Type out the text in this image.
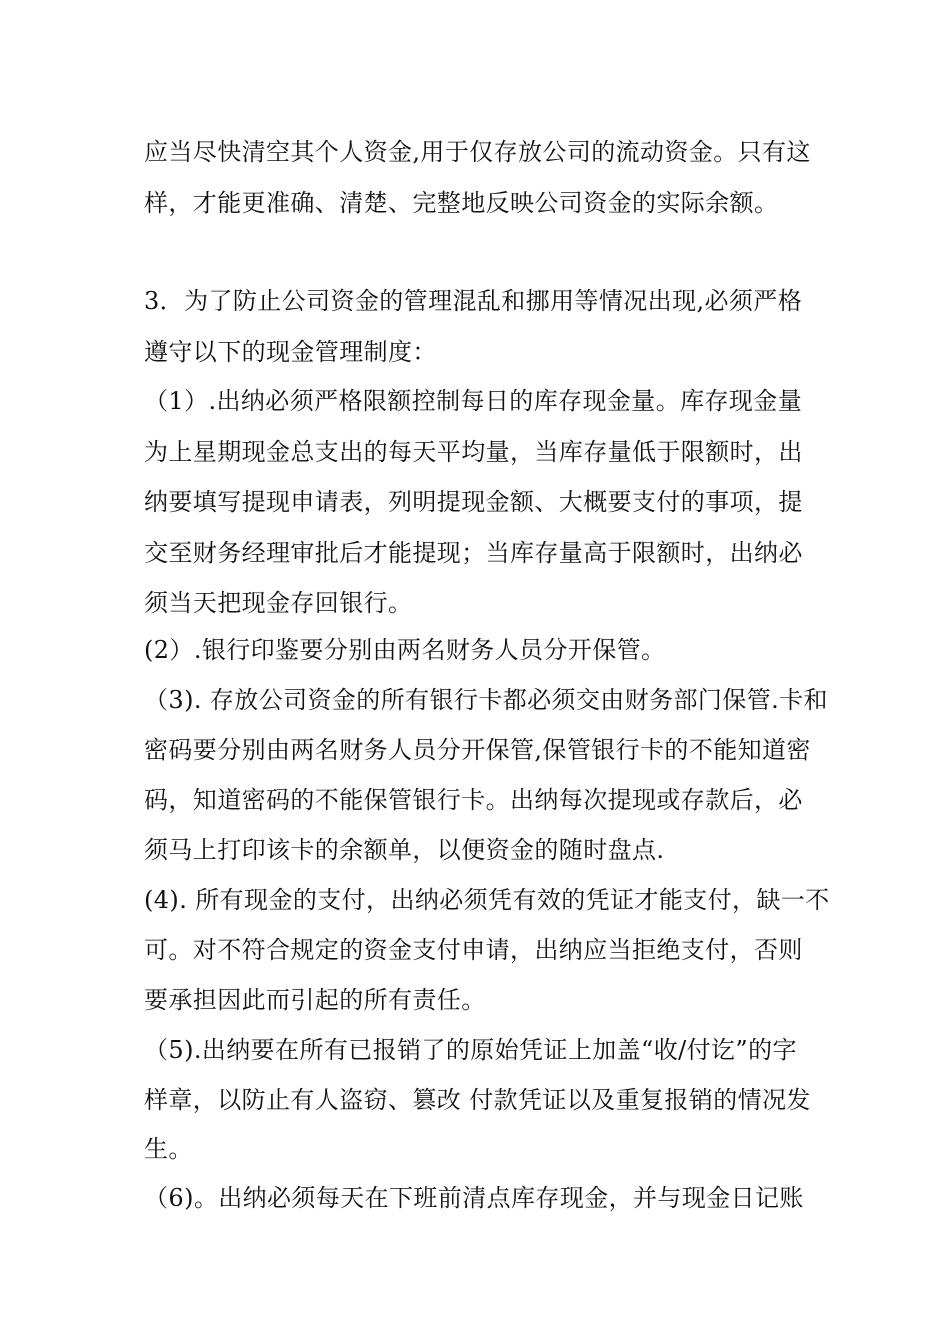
应当尽快清空其个人资金,用于仅存放公司的流动资金。只有这
样，才能更准确、清楚、完整地反映公司资金的实际余额。
3．为了防止公司资金的管理混乱和挪用等情况出现,必须严格
遵守以下的现金管理制度：
（1）.出纳必须严格限额控制每日的库存现金量。库存现金量
为上星期现金总支出的每天平均量，当库存量低于限额时，出
纳要填写提现申请表，列明提现金额、大概要支付的事项，提
交至财务经理审批后才能提现；当库存量高于限额时，出纳必
须当天把现金存回银行。
(2）.银行印鉴要分别由两名财务人员分开保管。
（3). 存放公司资金的所有银行卡都必须交由财务部门保管.卡和
密码要分别由两名财务人员分开保管,保管银行卡的不能知道密
码，知道密码的不能保管银行卡。出纳每次提现或存款后，必
须马上打印该卡的余额单，以便资金的随时盘点.
(4). 所有现金的支付，出纳必须凭有效的凭证才能支付，缺一不
可。对不符合规定的资金支付申请，出纳应当拒绝支付，否则
要承担因此而引起的所有责任。
（5).出纳要在所有已报销了的原始凭证上加盖“收/付讫”的字
样章，以防止有人盗窃、篡改 付款凭证以及重复报销的情况发
生。
（6)。出纳必须每天在下班前清点库存现金，并与现金日记账
